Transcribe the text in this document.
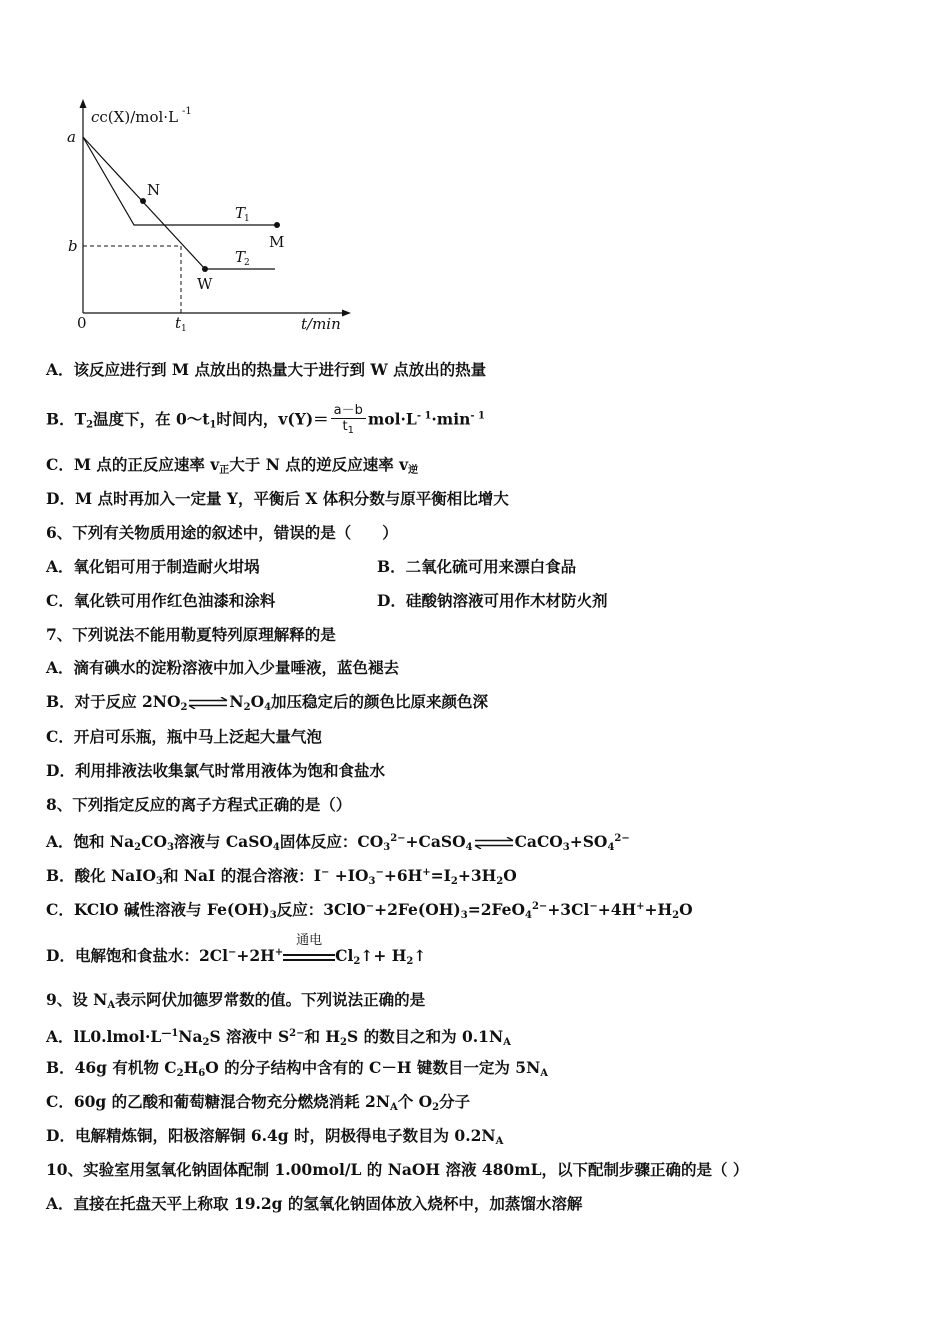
cc(X)/mol·L -1
a
b
0	t 1	t/min
N
M
W
T
1
T
2
A．该反应进行到 M 点放出的热量大于进行到 W 点放出的热量
B．$T_2$温度下，在 $0\sim t_1$时间内，$v(Y)= \frac{a-b}{t_1} mol\cdot L^{- 1}\cdot\min^{- 1}$
C．M 点的正反应速率 $v_正$大于 N 点的逆反应速率 $v_逆$
D．M 点时再加入一定量 Y，平衡后 X 体积分数与原平衡相比增大
6、下列有关物质用途的叙述中，错误的是（　　）
A．氧化铝可用于制造耐火坩埚	B．二氧化硫可用来漂白食品
C．氧化铁可用作红色油漆和涂料	D．硅酸钠溶液可用作木材防火剂
7、下列说法不能用勒夏特列原理解释的是
A．滴有碘水的淀粉溶液中加入少量唾液，蓝色褪去
B．对于反应 $2NO_2\rightleftharpoons N_2O_4$加压稳定后的颜色比原来颜色深
C．开启可乐瓶，瓶中马上泛起大量气泡
D．利用排液法收集氯气时常用液体为饱和食盐水
8、下列指定反应的离子方程式正确的是（）
A．饱和 $Na_2CO_3$溶液与 CaSO$_4$固体反应：$CO_3^{2-}+CaSO_4\rightleftharpoons CaCO_3+SO_4^{2-}$
B．酸化 NaIO$_3$和 NaI 的混合溶液：$I^- +IO_3^-+6H^+=I_2+3H_2O$
C．KClO 碱性溶液与 $Fe(OH)_3$反应：$3ClO^-+2Fe(OH)_3=2FeO_4^{2-}+3Cl^-+4H^++H_2O$
D．电解饱和食盐水：2Cl−+2H+
通电
$Cl_2↑+$ $H_2↑$
9、设 $N_A$表示阿伏加德罗常数的值。下列说法正确的是
A．$lL0.lmol\cdot L^{—1}Na_2S$ 溶液中 $S^{2-}$和 $H_2S$ 的数目之和为 $0.1N_A$
B．46g 有机物 $C_2H_6O$ 的分子结构中含有的 C－H 键数目一定为 $5N_A$
C．60g 的乙酸和葡萄糖混合物充分燃烧消耗 $2N_A$个 $O_2$分子
D．电解精炼铜，阳极溶解铜 6.4g 时，阴极得电子数目为 $0.2N_A$
10、实验室用氢氧化钠固体配制 1.00mol/L 的 NaOH 溶液 480mL，以下配制步骤正确的是（ ）
A．直接在托盘天平上称取 19.2g 的氢氧化钠固体放入烧杯中，加蒸馏水溶解
